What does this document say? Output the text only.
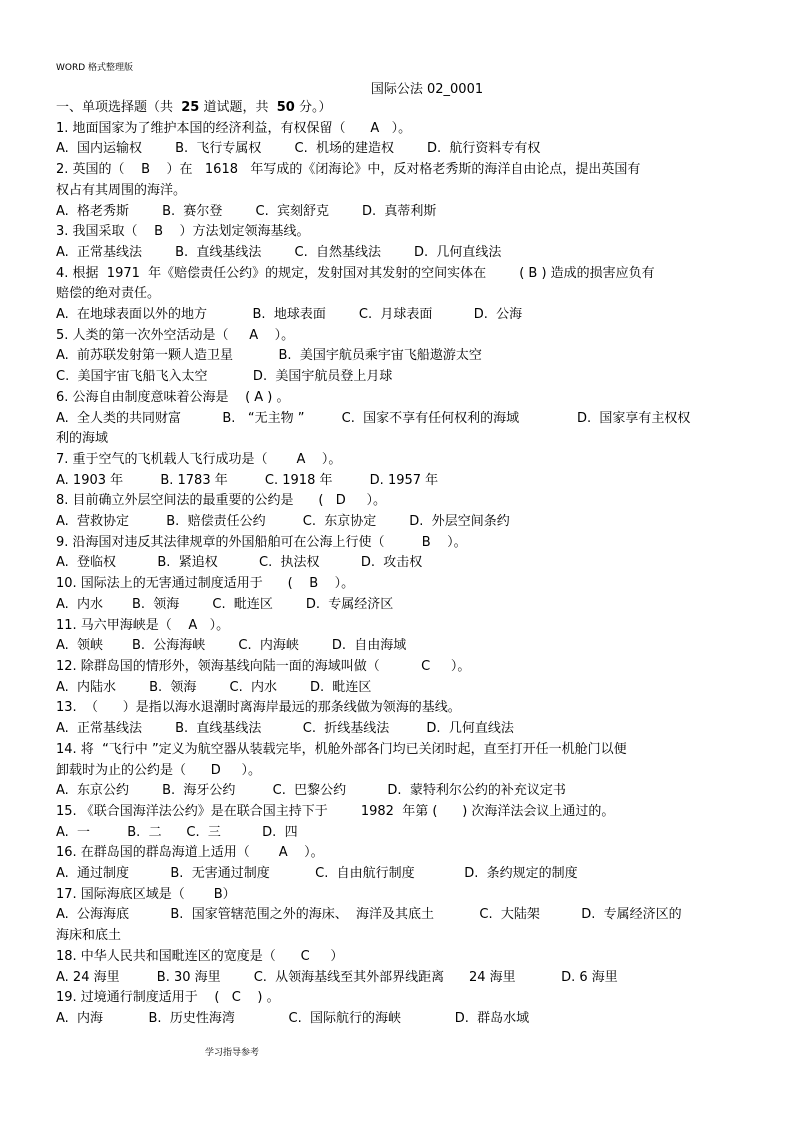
WORD 格式整理版
国际公法 02_0001
一、单项选择题（共  25 道试题，共  50 分。）
1. 地面国家为了维护本国的经济利益，有权保留（      A   ）。
A.  国内运输权        B.  飞行专属权        C.  机场的建造权        D.  航行资料专有权
2. 英国的（    B    ）在   1618   年写成的《闭海论》中，反对格老秀斯的海洋自由论点，提出英国有
权占有其周围的海洋。
A.  格老秀斯        B.  赛尔登        C.  宾刻舒克        D.  真蒂利斯
3. 我国采取（    B    ）方法划定领海基线。
A.  正常基线法        B.  直线基线法        C.  自然基线法        D.  几何直线法
4. 根据  1971  年《赔偿责任公约》的规定，发射国对其发射的空间实体在        ( B ) 造成的损害应负有
赔偿的绝对责任。
A.  在地球表面以外的地方           B.  地球表面        C.  月球表面          D.  公海
5. 人类的第一次外空活动是（     A    ）。
A.  前苏联发射第一颗人造卫星           B.  美国宇航员乘宇宙飞船遨游太空
C.  美国宇宙飞船飞入太空           D.  美国宇航员登上月球
6. 公海自由制度意味着公海是    ( A ) 。
A.  全人类的共同财富          B.   “无主物 ”         C.  国家不享有任何权利的海域              D.  国家享有主权权
利的海域
7. 重于空气的飞机载人飞行成功是（       A    ）。
A. 1903 年         B. 1783 年         C. 1918 年         D. 1957 年
8. 目前确立外层空间法的最重要的公约是      (   D     ）。
A.  营救协定         B.  赔偿责任公约         C.  东京协定        D.  外层空间条约
9. 沿海国对违反其法律规章的外国船舶可在公海上行使（         B    ）。
A.  登临权          B.  紧追权          C.  执法权          D.  攻击权
10. 国际法上的无害通过制度适用于      (    B    ）。
A.  内水       B.  领海        C.  毗连区        D.  专属经济区
11. 马六甲海峡是（    A   ）。
A.  领峡       B.  公海海峡        C.  内海峡        D.  自由海域
12. 除群岛国的情形外，领海基线向陆一面的海域叫做（          C     ）。
A.  内陆水        B.  领海        C.  内水        D.  毗连区
13.  （      ）是指以海水退潮时离海岸最远的那条线做为领海的基线。
A.  正常基线法        B.  直线基线法          C.  折线基线法         D.  几何直线法
14. 将  “飞行中 ”定义为航空器从装载完毕，机舱外部各门均已关闭时起，直至打开任一机舱门以便
卸载时为止的公约是（      D     ）。
A.  东京公约        B.  海牙公约         C.  巴黎公约          D.  蒙特利尔公约的补充议定书
15. 《联合国海洋法公约》是在联合国主持下于        1982  年第 (      ) 次海洋法会议上通过的。
A.  一         B.  二      C.  三          D.  四
16. 在群岛国的群岛海道上适用（       A    ）。
A.  通过制度          B.  无害通过制度           C.  自由航行制度            D.  条约规定的制度
17. 国际海底区域是（       B）
A.  公海海底          B.  国家管辖范围之外的海床、  海洋及其底土           C.  大陆架          D.  专属经济区的
海床和底土
18. 中华人民共和国毗连区的宽度是（      C     ）
A. 24 海里         B. 30 海里        C.  从领海基线至其外部界线距离      24 海里           D. 6 海里
19. 过境通行制度适用于    (   C    ) 。
A.  内海           B.  历史性海湾             C.  国际航行的海峡             D.  群岛水域
学习指导参考
